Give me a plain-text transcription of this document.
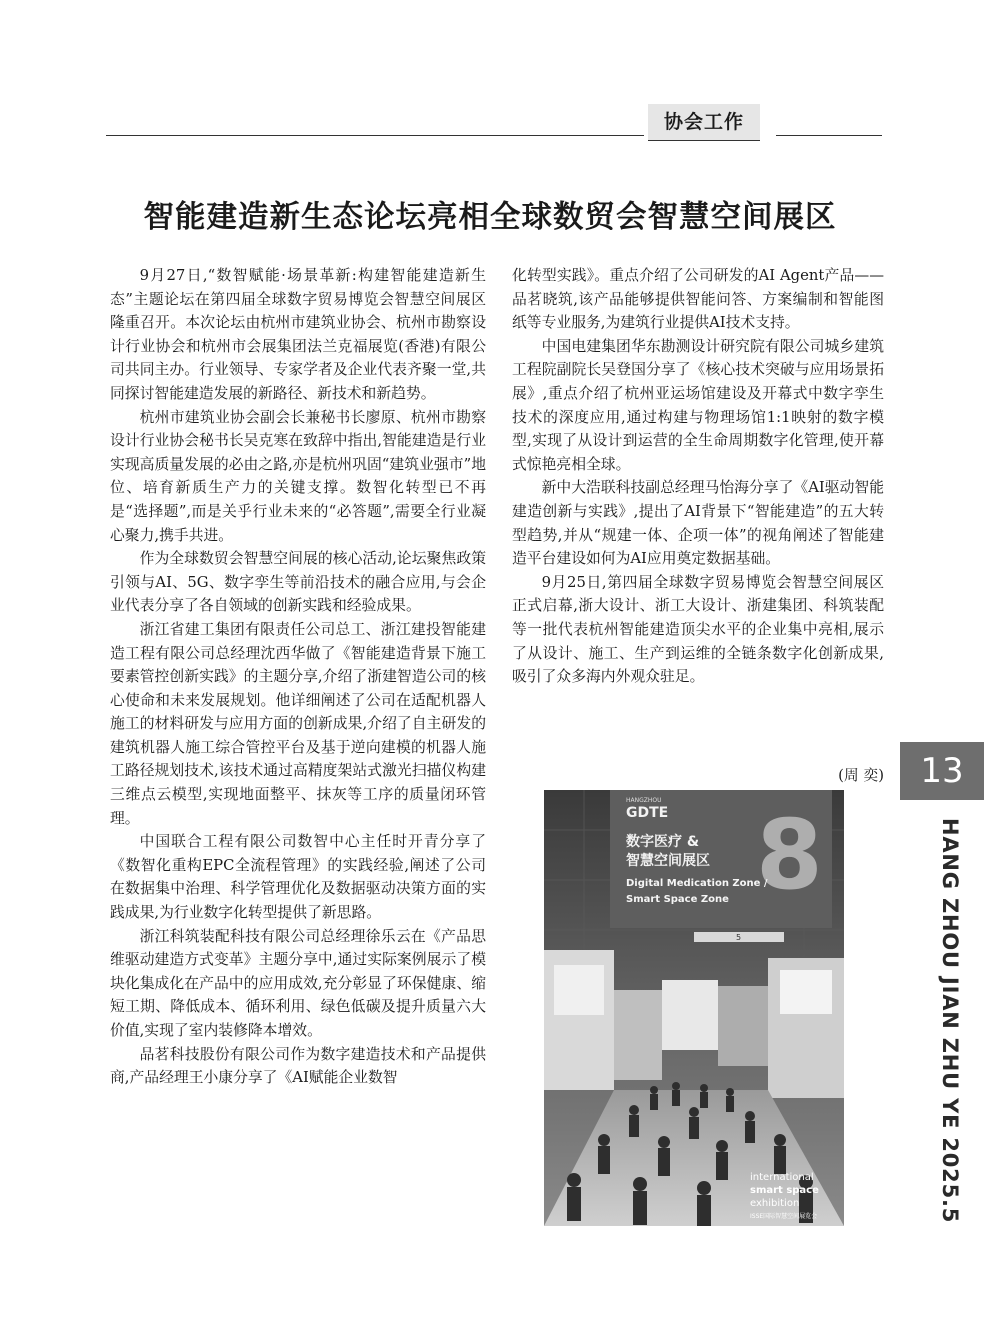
协会工作
智能建造新生态论坛亮相全球数贸会智慧空间展区

9月27日,“数智赋能·场景革新:构建智能建造新生态”主题论坛在第四届全球数字贸易博览会智慧空间展区隆重召开。本次论坛由杭州市建筑业协会、杭州市勘察设计行业协会和杭州市会展集团法兰克福展览(香港)有限公司共同主办。行业领导、专家学者及企业代表齐聚一堂,共同探讨智能建造发展的新路径、新技术和新趋势。

杭州市建筑业协会副会长兼秘书长廖原、杭州市勘察设计行业协会秘书长吴克寒在致辞中指出,智能建造是行业实现高质量发展的必由之路,亦是杭州巩固“建筑业强市”地位、培育新质生产力的关键支撑。数智化转型已不再是“选择题”,而是关乎行业未来的“必答题”,需要全行业凝心聚力,携手共进。

作为全球数贸会智慧空间展的核心活动,论坛聚焦政策引领与AI、5G、数字孪生等前沿技术的融合应用,与会企业代表分享了各自领域的创新实践和经验成果。

浙江省建工集团有限责任公司总工、浙江建投智能建造工程有限公司总经理沈西华做了《智能建造背景下施工要素管控创新实践》的主题分享,介绍了浙建智造公司的核心使命和未来发展规划。他详细阐述了公司在适配机器人施工的材料研发与应用方面的创新成果,介绍了自主研发的建筑机器人施工综合管控平台及基于逆向建模的机器人施工路径规划技术,该技术通过高精度架站式激光扫描仪构建三维点云模型,实现地面整平、抹灰等工序的质量闭环管理。

中国联合工程有限公司数智中心主任时开青分享了《数智化重构EPC全流程管理》的实践经验,阐述了公司在数据集中治理、科学管理优化及数据驱动决策方面的实践成果,为行业数字化转型提供了新思路。

浙江科筑装配科技有限公司总经理徐乐云在《产品思维驱动建造方式变革》主题分享中,通过实际案例展示了模块化集成化在产品中的应用成效,充分彰显了环保健康、缩短工期、降低成本、循环利用、绿色低碳及提升质量六大价值,实现了室内装修降本增效。

品茗科技股份有限公司作为数字建造技术和产品提供商,产品经理王小康分享了《AI赋能企业数智

化转型实践》。重点介绍了公司研发的AI Agent产品——品茗晓筑,该产品能够提供智能问答、方案编制和智能图纸等专业服务,为建筑行业提供AI技术支持。

中国电建集团华东勘测设计研究院有限公司城乡建筑工程院副院长吴登国分享了《核心技术突破与应用场景拓展》,重点介绍了杭州亚运场馆建设及开幕式中数字孪生技术的深度应用,通过构建与物理场馆1:1映射的数字模型,实现了从设计到运营的全生命周期数字化管理,使开幕式惊艳亮相全球。

新中大浩联科技副总经理马怡海分享了《AI驱动智能建造创新与实践》,提出了AI背景下“智能建造”的五大转型趋势,并从“规建一体、企项一体”的视角阐述了智能建造平台建设如何为AI应用奠定数据基础。

9月25日,第四届全球数字贸易博览会智慧空间展区正式启幕,浙大设计、浙工大设计、浙建集团、科筑装配等一批代表杭州智能建造顶尖水平的企业集中亮相,展示了从设计、施工、生产到运维的全链条数字化创新成果,吸引了众多海内外观众驻足。

(周 奕)
HANGZHOU
GDTE 8
数字医疗 &
智慧空间展区
Digital Medication Zone /
Smart Space Zone
5
international
smart space
exhibition
ISSE国际智慧空间展览会
13
HANG ZHOU JIAN ZHU YE 2025.5
